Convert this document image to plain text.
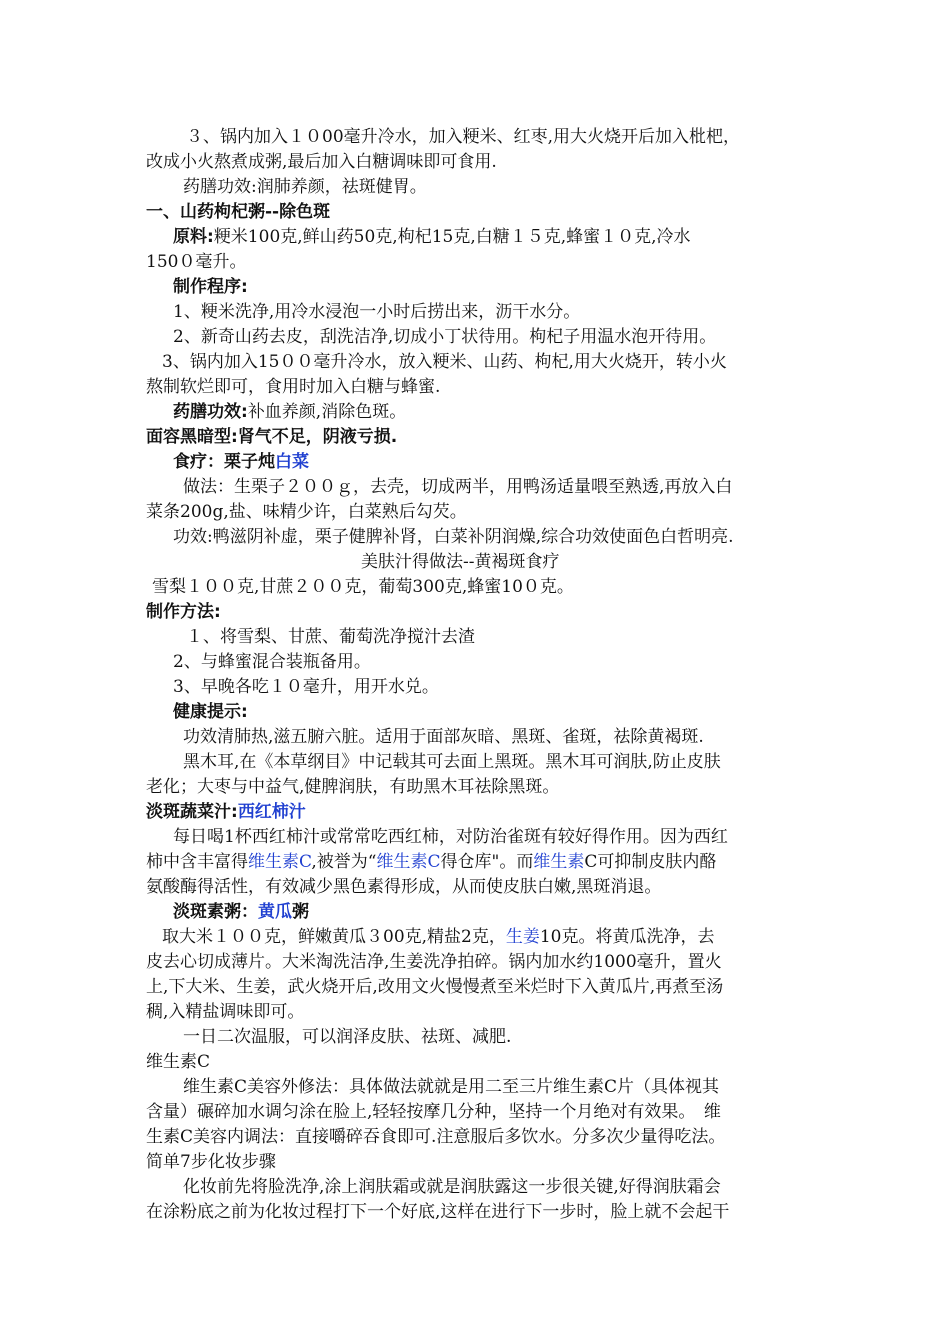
３、锅内加入１０00毫升冷水，加入粳米、红枣,用大火烧开后加入枇杷，
改成小火熬煮成粥,最后加入白糖调味即可食用.
药膳功效:润肺养颜，祛斑健胃。
一、山药枸杞粥--除色斑
原料:粳米100克,鲜山药50克,枸杞15克,白糖１５克,蜂蜜１０克,冷水
150０毫升。
制作程序:
1、粳米洗净,用冷水浸泡一小时后捞出来，沥干水分。
2、新奇山药去皮，刮洗洁净,切成小丁状待用。枸杞子用温水泡开待用。
3、锅内加入15００毫升冷水，放入粳米、山药、枸杞,用大火烧开，转小火
熬制软烂即可，食用时加入白糖与蜂蜜.
药膳功效:补血养颜,消除色斑。
面容黑暗型:肾气不足，阴液亏损.
食疗：栗子炖白菜
做法：生栗子２００ｇ，去壳，切成两半，用鸭汤适量喂至熟透,再放入白
菜条200g,盐、味精少许，白菜熟后勾芡。
功效:鸭滋阴补虚，栗子健脾补肾，白菜补阴润燥,综合功效使面色白哲明亮.
美肤汁得做法--黄褐斑食疗
雪梨１００克,甘蔗２００克，葡萄300克,蜂蜜10０克。
制作方法:
１、将雪梨、甘蔗、葡萄洗净搅汁去渣
2、与蜂蜜混合装瓶备用。
3、早晚各吃１０毫升，用开水兑。
健康提示:
功效清肺热,滋五腑六脏。适用于面部灰暗、黑斑、雀斑，祛除黄褐斑.
黑木耳,在《本草纲目》中记载其可去面上黑斑。黑木耳可润肤,防止皮肤
老化；大枣与中益气,健脾润肤，有助黑木耳祛除黑斑。
淡斑蔬菜汁:西红柿汁
每日喝1杯西红柿汁或常常吃西红柿，对防治雀斑有较好得作用。因为西红
柿中含丰富得维生素C,被誉为“维生素C得仓库"。而维生素C可抑制皮肤内酪
氨酸酶得活性，有效减少黑色素得形成，从而使皮肤白嫩,黑斑消退。
淡斑素粥：黄瓜粥
取大米１００克，鲜嫩黄瓜３00克,精盐2克，生姜10克。将黄瓜洗净，去
皮去心切成薄片。大米淘洗洁净,生姜洗净拍碎。锅内加水约1000毫升，置火
上,下大米、生姜，武火烧开后,改用文火慢慢煮至米烂时下入黄瓜片,再煮至汤
稠,入精盐调味即可。
一日二次温服，可以润泽皮肤、祛斑、减肥.
维生素C
维生素C美容外修法：具体做法就就是用二至三片维生素C片（具体视其
含量）碾碎加水调匀涂在脸上,轻轻按摩几分种，坚持一个月绝对有效果。　维
生素C美容内调法：直接嚼碎吞食即可.注意服后多饮水。分多次少量得吃法。
简单7步化妆步骤
化妆前先将脸洗净,涂上润肤霜或就是润肤露这一步很关键,好得润肤霜会
在涂粉底之前为化妆过程打下一个好底,这样在进行下一步时，脸上就不会起干
